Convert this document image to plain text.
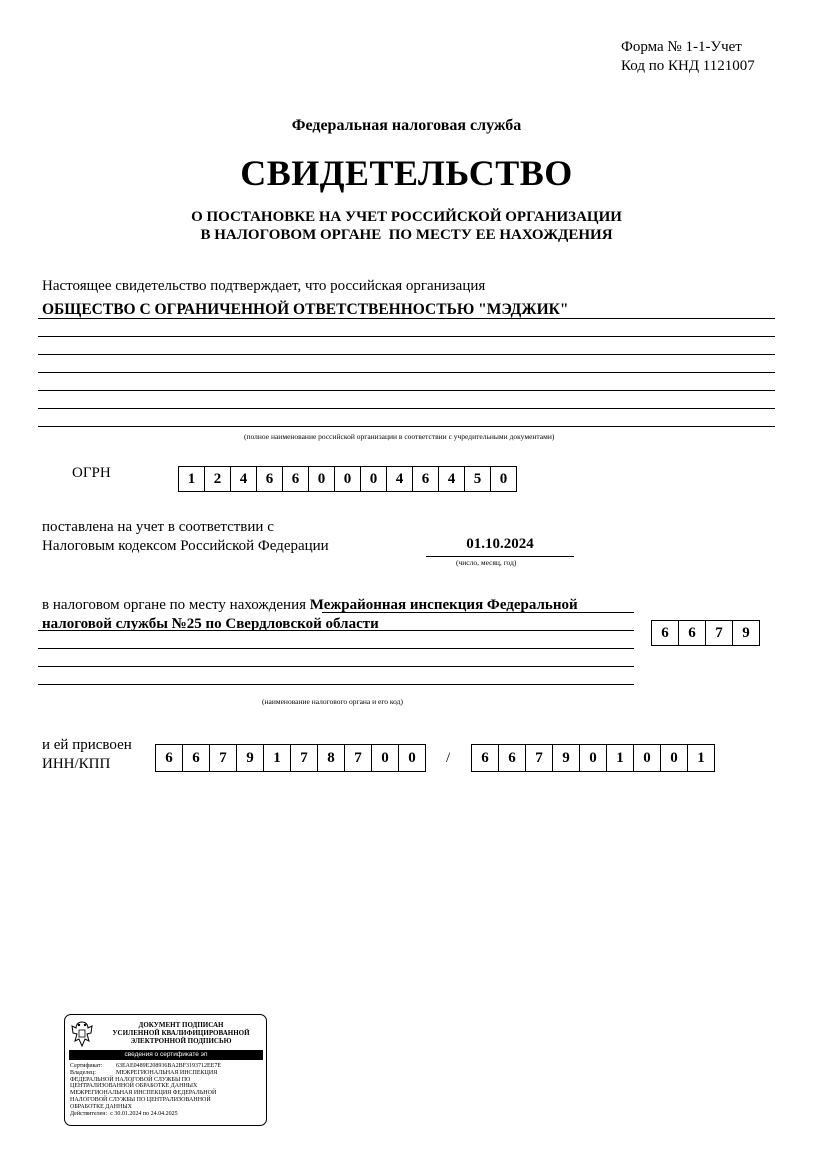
Форма № 1-1-Учет
Код по КНД 1121007
Федеральная налоговая служба
СВИДЕТЕЛЬСТВО
О ПОСТАНОВКЕ НА УЧЕТ РОССИЙСКОЙ ОРГАНИЗАЦИИ
В НАЛОГОВОМ ОРГАНЕ  ПО МЕСТУ ЕЕ НАХОЖДЕНИЯ
Настоящее свидетельство подтверждает, что российская организация
ОБЩЕСТВО С ОГРАНИЧЕННОЙ ОТВЕТСТВЕННОСТЬЮ "МЭДЖИК"
(полное наименование российской организации в соответствии с учредительными документами)
ОГРН	1	2	4	6	6	0	0	0	4	6	4	5	0
поставлена на учет в соответствии с
Налоговым кодексом Российской Федерации	01.10.2024
(число, месяц, год)
в налоговом органе по месту нахождения Межрайонная инспекция Федеральной
налоговой службы №25 по Свердловской области
6	6	7	9
(наименование налогового органа и его код)
и ей присвоен
ИНН/КПП	6	6	7	9	1	7	8	7	0	0	/	6	6	7	9	0	1	0	0	1
ДОКУМЕНТ ПОДПИСАН
УСИЛЕННОЙ КВАЛИФИЦИРОВАННОЙ
ЭЛЕКТРОННОЙ ПОДПИСЬЮ
сведения о сертификате эп
Сертификат:	63EAE0489E208936BA2BF3193712EE7E
Владелец:	МЕЖРЕГИОНАЛЬНАЯ ИНСПЕКЦИЯ
ФЕДЕРАЛЬНОЙ НАЛОГОВОЙ СЛУЖБЫ ПО ЦЕНТРАЛИЗОВАННОЙ ОБРАБОТКЕ ДАННЫХ МЕЖРЕГИОНАЛЬНАЯ ИНСПЕКЦИЯ ФЕДЕРАЛЬНОЙ НАЛОГОВОЙ СЛУЖБЫ ПО ЦЕНТРАЛИЗОВАННОЙ ОБРАБОТКЕ ДАННЫХ
Действителен: с 30.01.2024 по 24.04.2025
